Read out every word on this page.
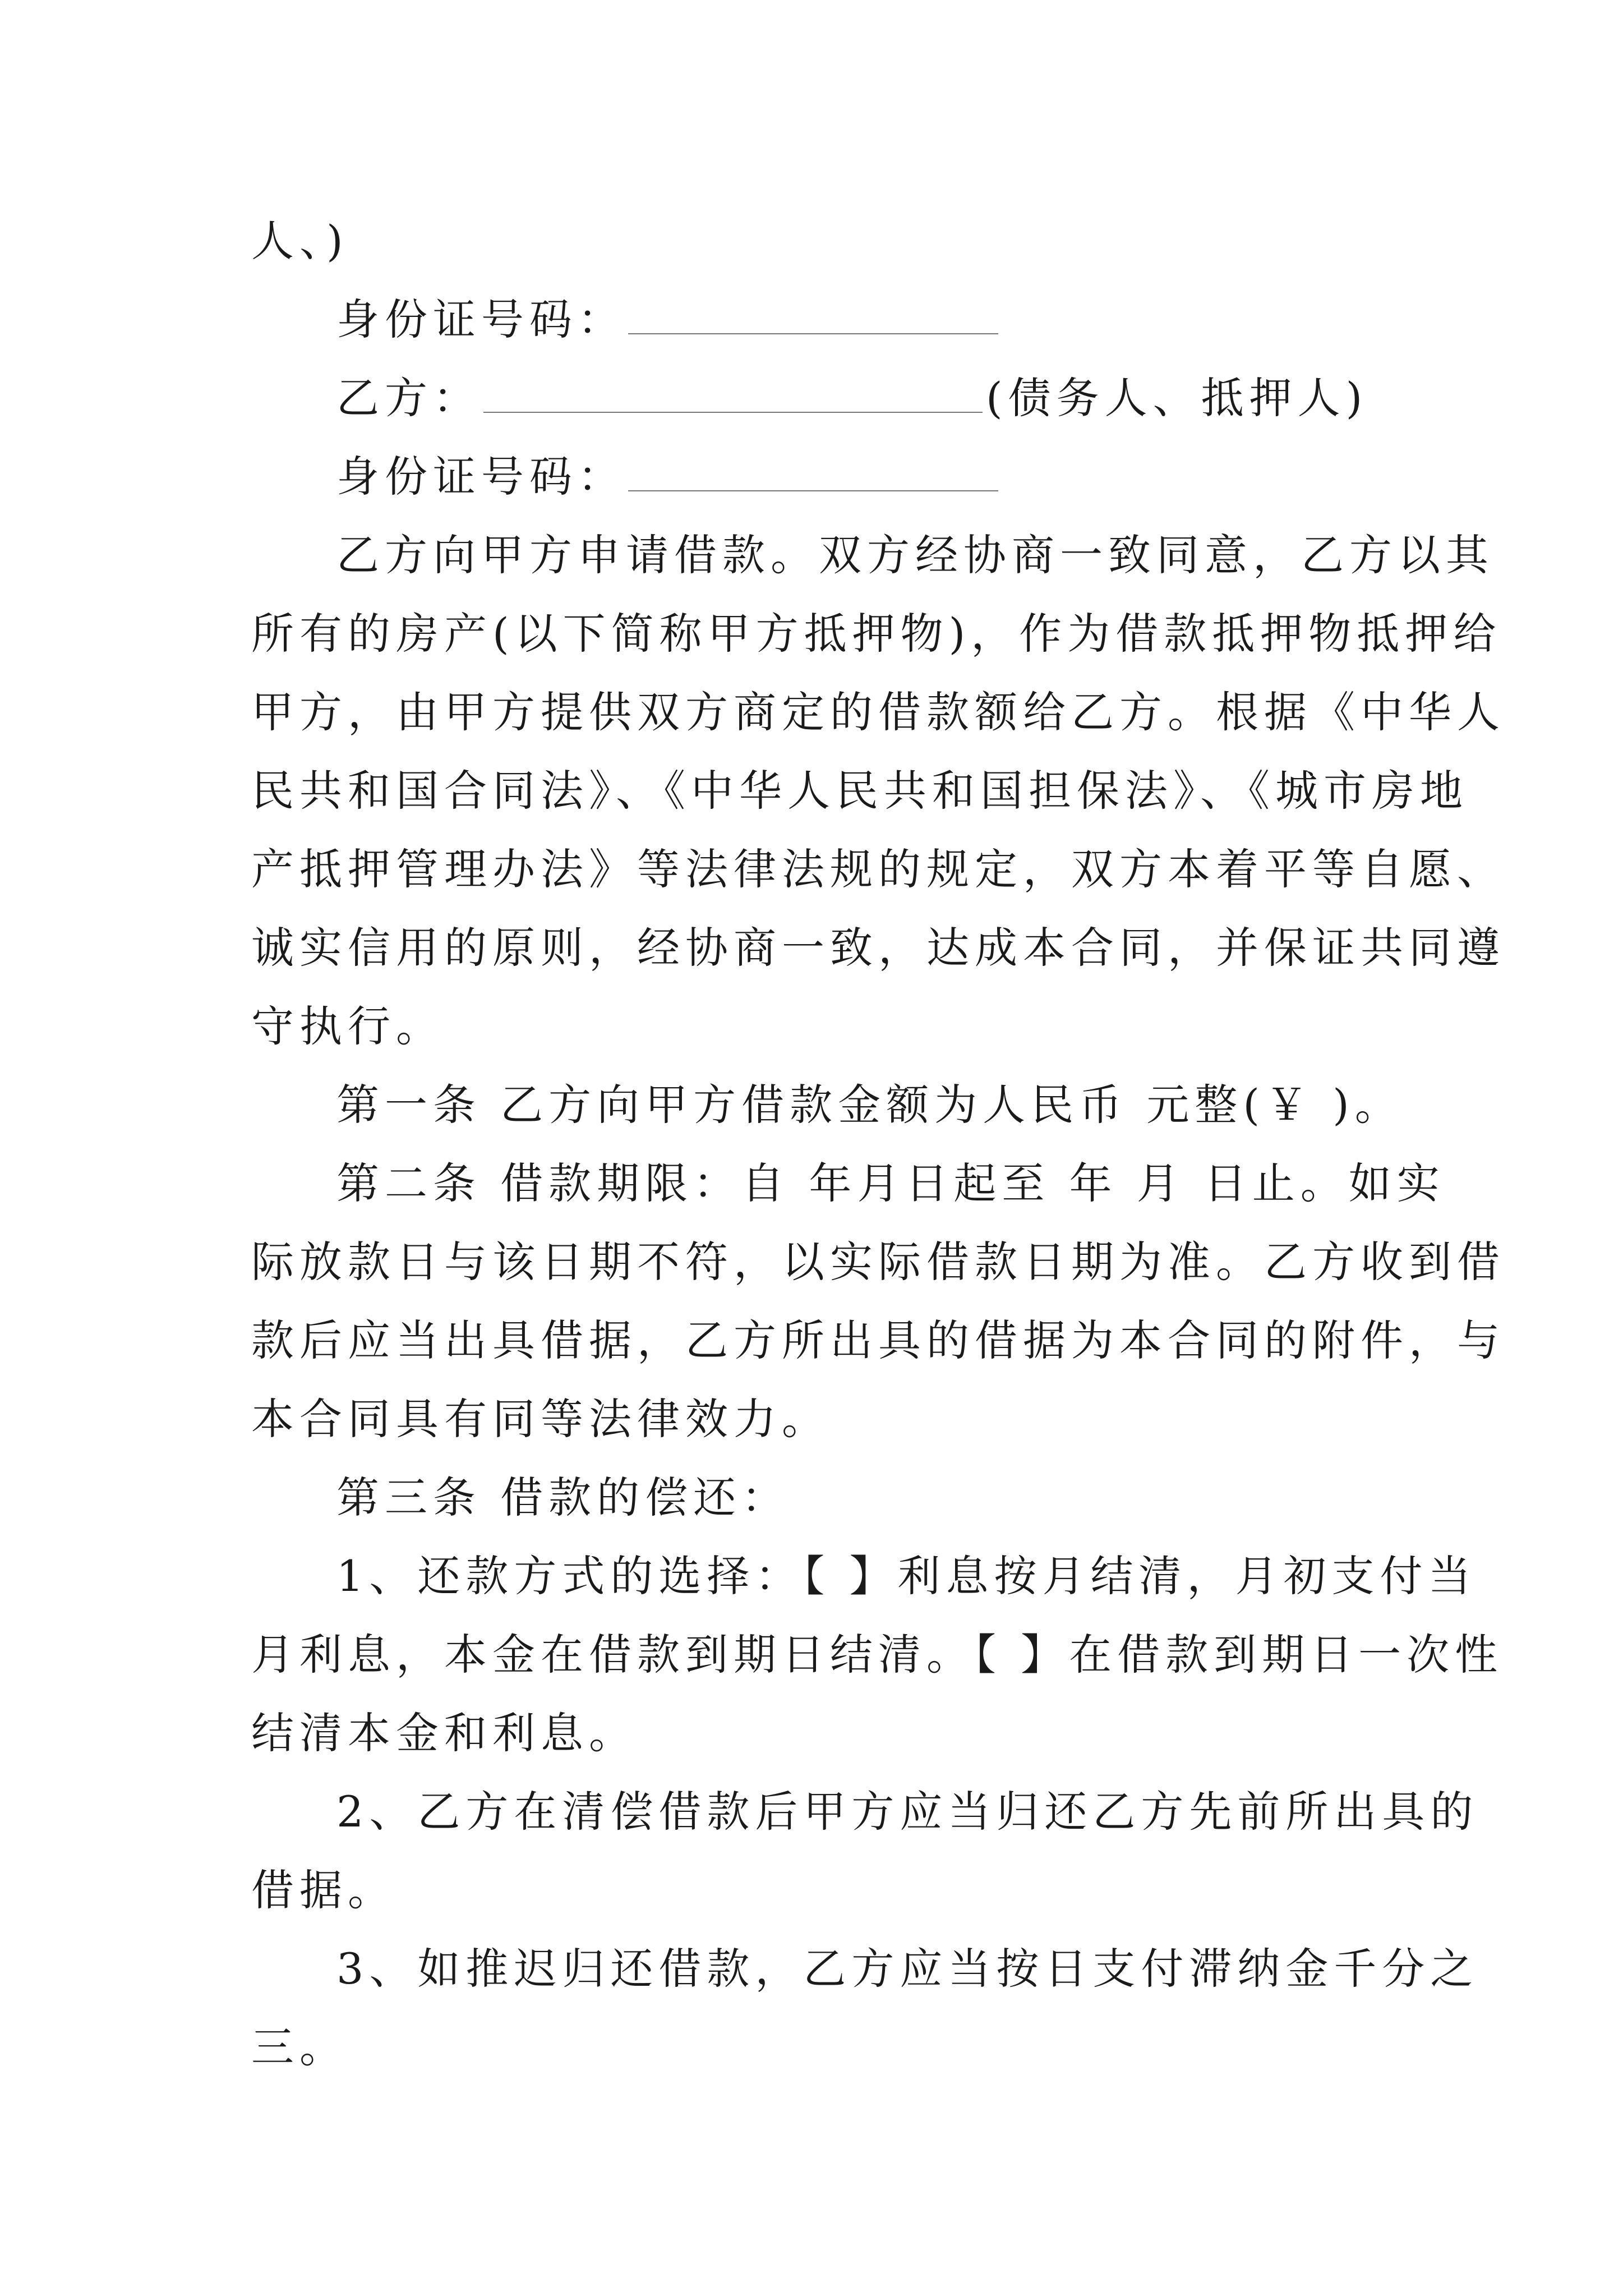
人、)
身份证号码：
乙方：	(债务人、抵押人)
身份证号码：
乙方向甲方申请借款。双方经协商一致同意，乙方以其
所有的房产(以下简称甲方抵押物)，作为借款抵押物抵押给
甲方，由甲方提供双方商定的借款额给乙方。根据《中华人
民共和国合同法》、《中华人民共和国担保法》、《城市房地
产抵押管理办法》等法律法规的规定，双方本着平等自愿、
诚实信用的原则，经协商一致，达成本合同，并保证共同遵
守执行。
第一条 乙方向甲方借款金额为人民币 元整(￥ )。
第二条 借款期限：自 年月日起至 年 月 日止。如实
际放款日与该日期不符，以实际借款日期为准。乙方收到借
款后应当出具借据，乙方所出具的借据为本合同的附件，与
本合同具有同等法律效力。
第三条 借款的偿还：
1、还款方式的选择：【 】利息按月结清，月初支付当
月利息，本金在借款到期日结清。【 】在借款到期日一次性
结清本金和利息。
2、乙方在清偿借款后甲方应当归还乙方先前所出具的
借据。
3、如推迟归还借款，乙方应当按日支付滞纳金千分之
三。
